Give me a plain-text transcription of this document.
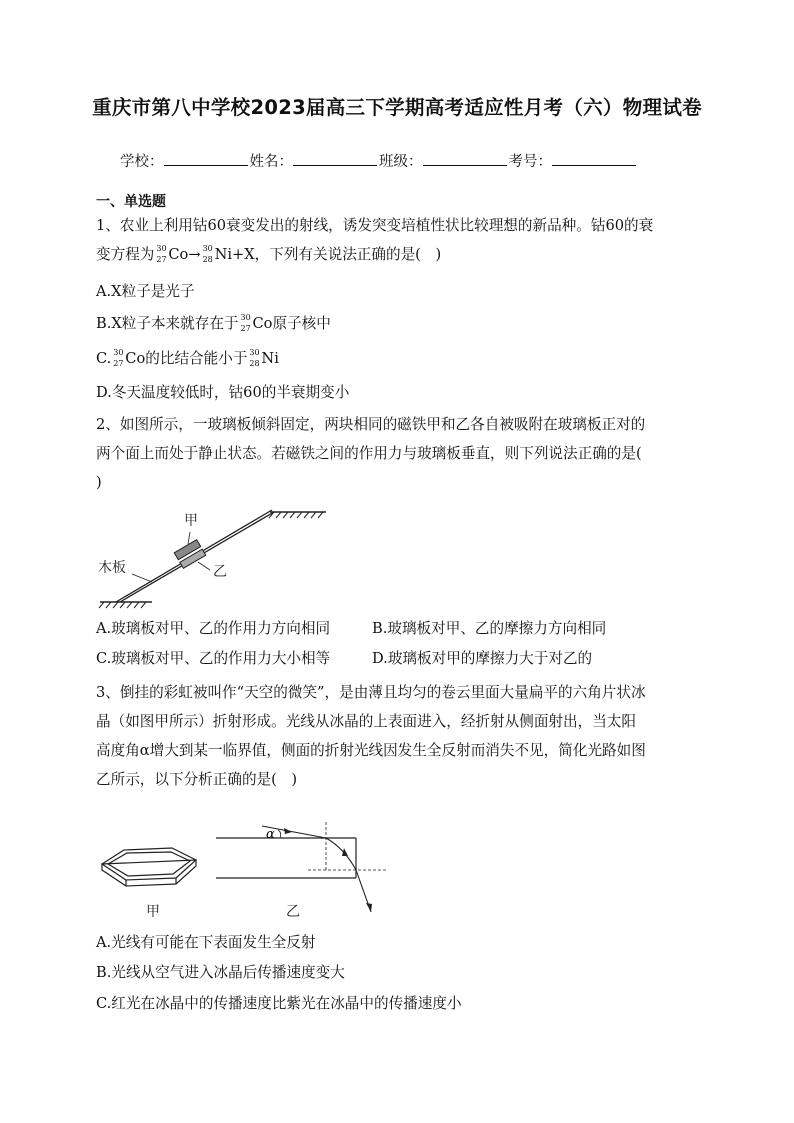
重庆市第八中学校2023届高三下学期高考适应性月考（六）物理试卷
学校：	姓名：	班级：	考号：
一、单选题
1、农业上利用钴60衰变发出的射线，诱发突变培植性状比较理想的新品种。钴60的衰
变方程为 30
27 Co→ 30
28 Ni+X，下列有关说法正确的是(　)
A.X粒子是光子
B.X粒子本来就存在于 30
27 Co原子核中
C. 30
27 Co的比结合能小于 30
28 Ni
D.冬天温度较低时，钴60的半衰期变小
2、如图所示，一玻璃板倾斜固定，两块相同的磁铁甲和乙各自被吸附在玻璃板正对的
两个面上而处于静止状态。若磁铁之间的作用力与玻璃板垂直，则下列说法正确的是(
)
甲
乙
木板
A.玻璃板对甲、乙的作用力方向相同	B.玻璃板对甲、乙的摩擦力方向相同
C.玻璃板对甲、乙的作用力大小相等	D.玻璃板对甲的摩擦力大于对乙的
3、倒挂的彩虹被叫作“天空的微笑”，是由薄且均匀的卷云里面大量扁平的六角片状冰
晶（如图甲所示）折射形成。光线从冰晶的上表面进入，经折射从侧面射出，当太阳
高度角α增大到某一临界值，侧面的折射光线因发生全反射而消失不见，简化光路如图
乙所示，以下分析正确的是(　)
甲
α
乙
A.光线有可能在下表面发生全反射
B.光线从空气进入冰晶后传播速度变大
C.红光在冰晶中的传播速度比紫光在冰晶中的传播速度小
